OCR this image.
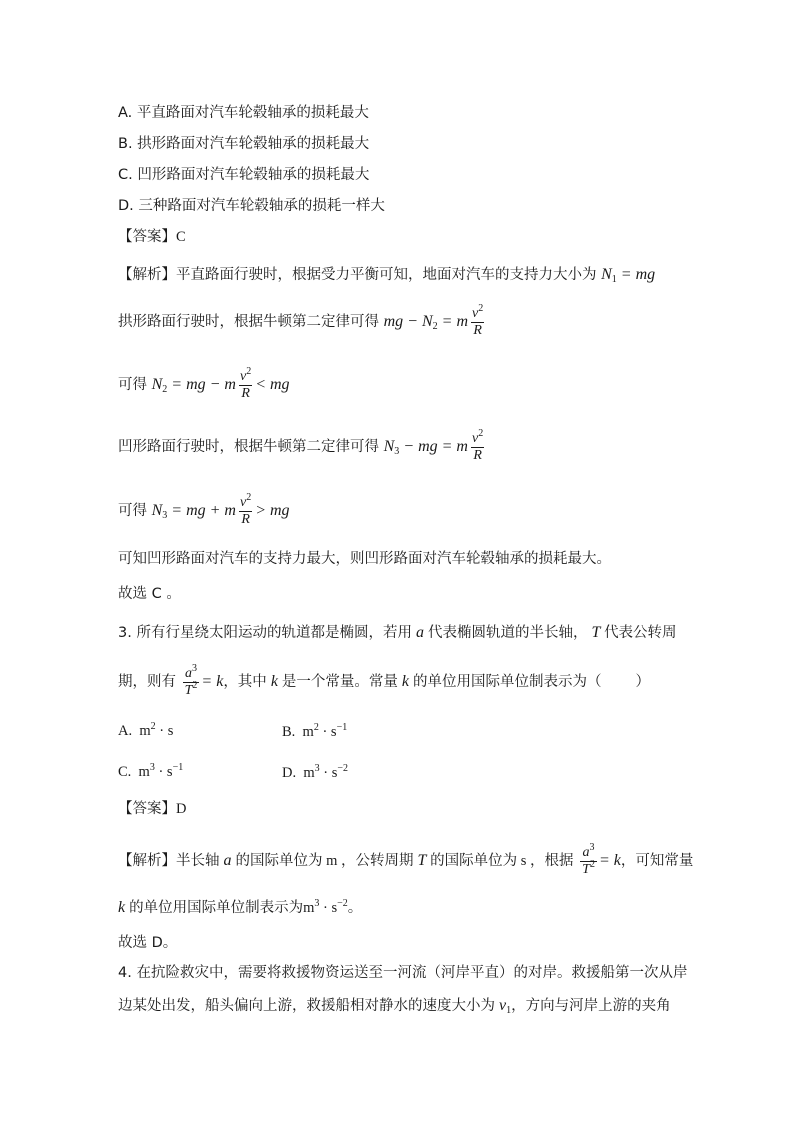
A. 平直路面对汽车轮毂轴承的损耗最大
B. 拱形路面对汽车轮毂轴承的损耗最大
C. 凹形路面对汽车轮毂轴承的损耗最大
D. 三种路面对汽车轮毂轴承的损耗一样大
【答案】C
【解析】平直路面行驶时，根据受力平衡可知，地面对汽车的支持力大小为 $N_1$ = mg
拱形路面行驶时，根据牛顿第二定律可得 mg − $N_2 = m \frac{v^2}{R}$
可得 $N_2$ = mg − m $\frac{v^2}{R}$ < mg
凹形路面行驶时，根据牛顿第二定律可得 $N_3$ − mg = m $\frac{v^2}{R}$
可得 $N_3$ = mg + m $\frac{v^2}{R}$ > mg
可知凹形路面对汽车的支持力最大，则凹形路面对汽车轮毂轴承的损耗最大。
故选 C 。
3. 所有行星绕太阳运动的轨道都是椭圆，若用 a 代表椭圆轨道的半长轴， T 代表公转周
期，则有 $\frac{a^3}{T^2} = k$，其中 k 是一个常量。常量 k 的单位用国际单位制表示为（ ）
A.  $m^2 \cdot s$	B.  $m^2 \cdot s^{-1}$
C.  $m^3 \cdot s^{-1}$	D.  $m^3 \cdot s^{-2}$
【答案】D
【解析】半长轴 a 的国际单位为 m ，公转周期 T 的国际单位为 s ，根据 $\frac{a^3}{T^2} = k$，可知常量
k 的单位用国际单位制表示为$m^3 \cdot s^{-2}$。
故选 D。
4. 在抗险救灾中，需要将救援物资运送至一河流（河岸平直）的对岸。救援船第一次从岸
边某处出发，船头偏向上游，救援船相对静水的速度大小为 $v_1$，方向与河岸上游的夹角
